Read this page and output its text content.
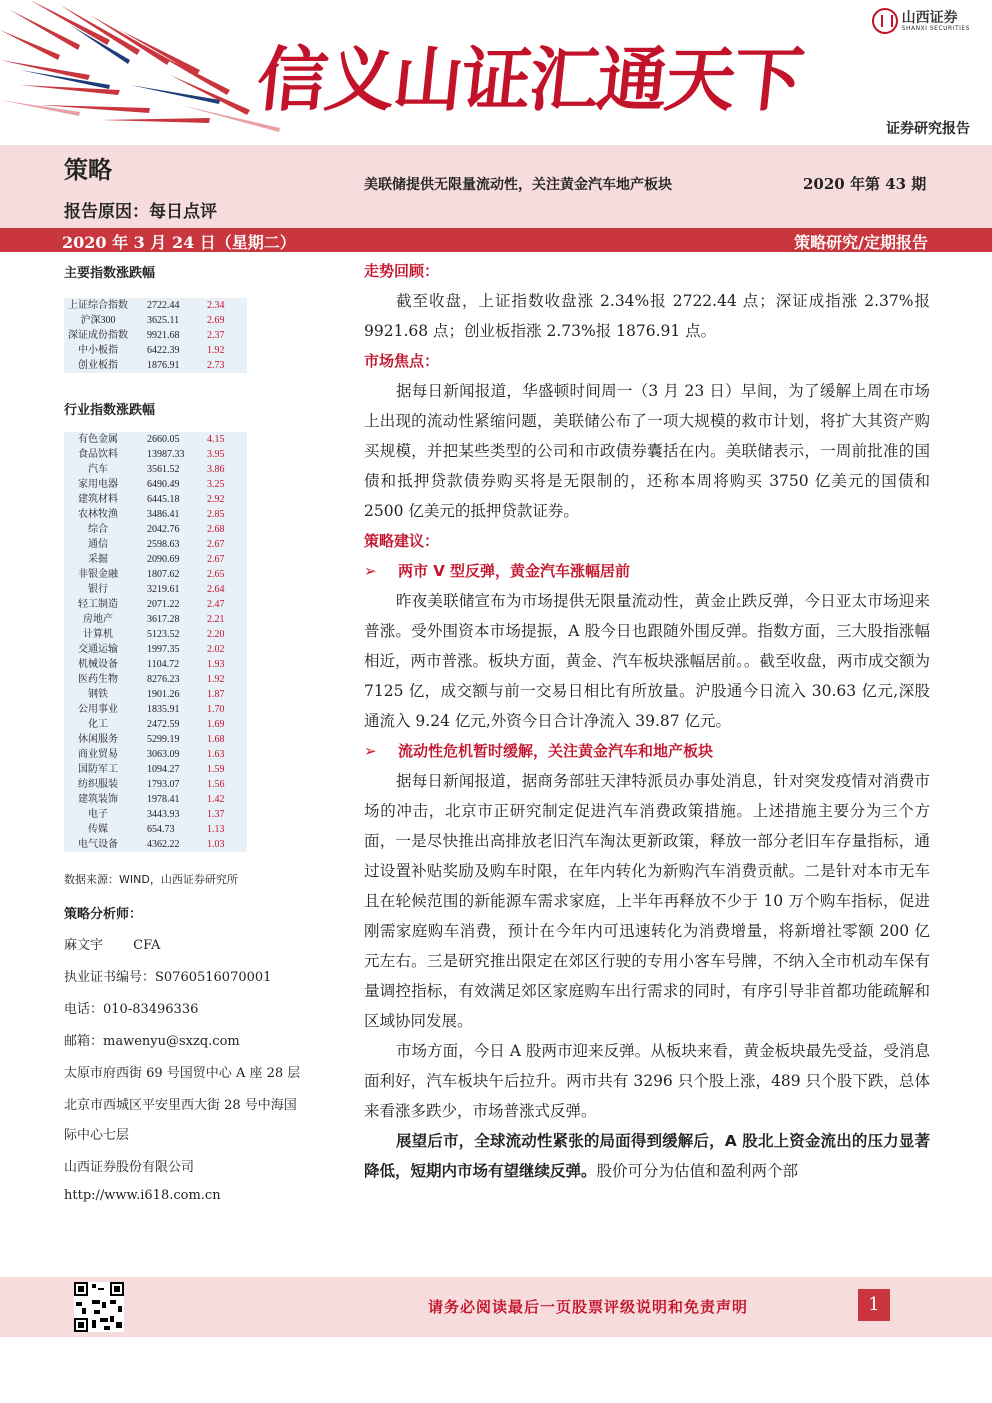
信义山证汇通天下
山西证券
SHANXI SECURITIES
证券研究报告
策略
美联储提供无限量流动性，关注黄金汽车地产板块	2020 年第 43 期
报告原因：每日点评
2020 年 3 月 24 日（星期二）	策略研究/定期报告
主要指数涨跌幅
上证综合指数	2722.44	2.34
沪深300	3625.11	2.69
深证成份指数	9921.68	2.37
中小板指	6422.39	1.92
创业板指	1876.91	2.73
行业指数涨跌幅
有色金属	2660.05	4.15
食品饮料	13987.33	3.95
汽车	3561.52	3.86
家用电器	6490.49	3.25
建筑材料	6445.18	2.92
农林牧渔	3486.41	2.85
综合	2042.76	2.68
通信	2598.63	2.67
采掘	2090.69	2.67
非银金融	1807.62	2.65
银行	3219.61	2.64
轻工制造	2071.22	2.47
房地产	3617.28	2.21
计算机	5123.52	2.20
交通运输	1997.35	2.02
机械设备	1104.72	1.93
医药生物	8276.23	1.92
钢铁	1901.26	1.87
公用事业	1835.91	1.70
化工	2472.59	1.69
休闲服务	5299.19	1.68
商业贸易	3063.09	1.63
国防军工	1094.27	1.59
纺织服装	1793.07	1.56
建筑装饰	1978.41	1.42
电子	3443.93	1.37
传媒	654.73	1.13
电气设备	4362.22	1.03
数据来源：WIND，山西证券研究所
策略分析师：
麻文宇　　 CFA
执业证书编号：S0760516070001
电话：010-83496336
邮箱：mawenyu@sxzq.com
太原市府西街 69 号国贸中心 A 座 28 层
北京市西城区平安里西大街 28 号中海国
际中心七层
山西证券股份有限公司
http://www.i618.com.cn

走势回顾：

截至收盘，上证指数收盘涨 2.34%报 2722.44 点；深证成指涨 2.37%报 9921.68 点；创业板指涨 2.73%报 1876.91 点。

市场焦点：

据每日新闻报道，华盛顿时间周一（3 月 23 日）早间，为了缓解上周在市场上出现的流动性紧缩问题，美联储公布了一项大规模的救市计划，将扩大其资产购买规模，并把某些类型的公司和市政债券囊括在内。美联储表示，一周前批准的国债和抵押贷款债券购买将是无限制的，还称本周将购买 3750 亿美元的国债和 2500 亿美元的抵押贷款证券。

策略建议：

➢ 两市 V 型反弹，黄金汽车涨幅居前

昨夜美联储宣布为市场提供无限量流动性，黄金止跌反弹，今日亚太市场迎来普涨。受外围资本市场提振，A 股今日也跟随外围反弹。指数方面，三大股指涨幅相近，两市普涨。板块方面，黄金、汽车板块涨幅居前。。截至收盘，两市成交额为 7125 亿，成交额与前一交易日相比有所放量。沪股通今日流入 30.63 亿元,深股通流入 9.24 亿元,外资今日合计净流入 39.87 亿元。

➢ 流动性危机暂时缓解，关注黄金汽车和地产板块

据每日新闻报道，据商务部驻天津特派员办事处消息，针对突发疫情对消费市场的冲击，北京市正研究制定促进汽车消费政策措施。上述措施主要分为三个方面，一是尽快推出高排放老旧汽车淘汰更新政策，释放一部分老旧车存量指标，通过设置补贴奖励及购车时限，在年内转化为新购汽车消费贡献。二是针对本市无车且在轮候范围的新能源车需求家庭，上半年再释放不少于 10 万个购车指标，促进刚需家庭购车消费，预计在今年内可迅速转化为消费增量，将新增社零额 200 亿元左右。三是研究推出限定在郊区行驶的专用小客车号牌，不纳入全市机动车保有量调控指标，有效满足郊区家庭购车出行需求的同时，有序引导非首都功能疏解和区域协同发展。

市场方面，今日 A 股两市迎来反弹。从板块来看，黄金板块最先受益，受消息面利好，汽车板块午后拉升。两市共有 3296 只个股上涨，489 只个股下跌，总体来看涨多跌少，市场普涨式反弹。

展望后市，全球流动性紧张的局面得到缓解后，A 股北上资金流出的压力显著降低，短期内市场有望继续反弹。股价可分为估值和盈利两个部

请务必阅读最后一页股票评级说明和免责声明	1
